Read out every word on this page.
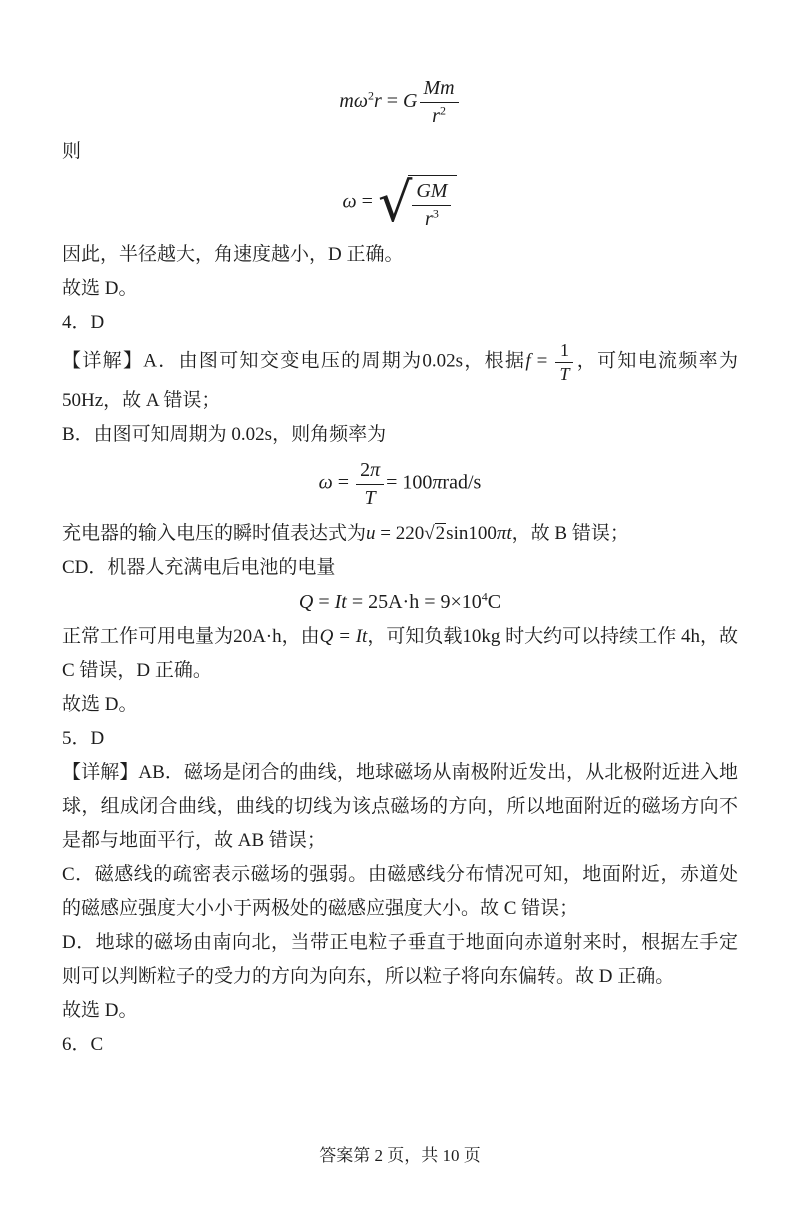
$m\omega^2r = G \frac{Mm}{r^2}$

则

ω = √ $\frac{GM}{r^3}$

因此，半径越大，角速度越小，D 正确。

故选 D。

4．D

【详解】A．由图可知交变电压的周期为0.02s，根据$f = \frac{1}{T}$ ，可知电流频率为50Hz，故 A 错误；

B．由图可知周期为 0.02s，则角频率为

$\omega = \frac{2\pi}{T} = 100\pi rad/s$

充电器的输入电压的瞬时值表达式为u = 220√2sin100πt，故 B 错误；

CD．机器人充满电后电池的电量

$Q = It = 25A\cdot h = 9\times 10^4C$

正常工作可用电量为20A·h，由Q = It，可知负载10kg 时大约可以持续工作 4h，故 C 错误，D 正确。

故选 D。

5．D

【详解】AB．磁场是闭合的曲线，地球磁场从南极附近发出，从北极附近进入地球，组成闭合曲线，曲线的切线为该点磁场的方向，所以地面附近的磁场方向不是都与地面平行，故 AB 错误；

C．磁感线的疏密表示磁场的强弱。由磁感线分布情况可知，地面附近，赤道处的磁感应强度大小小于两极处的磁感应强度大小。故 C 错误；

D．地球的磁场由南向北，当带正电粒子垂直于地面向赤道射来时，根据左手定则可以判断粒子的受力的方向为向东，所以粒子将向东偏转。故 D 正确。

故选 D。

6．C

答案第 2 页，共 10 页
